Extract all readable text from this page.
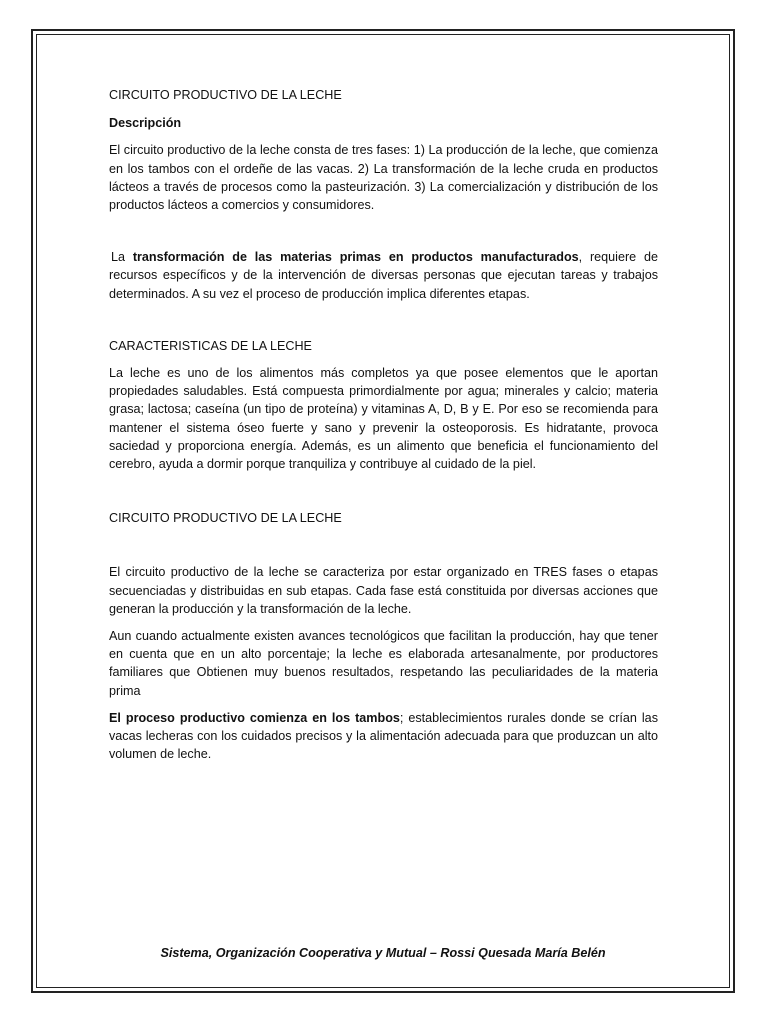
CIRCUITO PRODUCTIVO DE LA LECHE

Descripción

El circuito productivo de la leche consta de tres fases: 1) La producción de la leche, que comienza en los tambos con el ordeñe de las vacas. 2) La transformación de la leche cruda en productos lácteos a través de procesos como la pasteurización. 3) La comercialización y distribución de los productos lácteos a comercios y consumidores.

La transformación de las materias primas en productos manufacturados, requiere de recursos específicos y de la intervención de diversas personas que ejecutan tareas y trabajos determinados. A su vez el proceso de producción implica diferentes etapas.

CARACTERISTICAS DE LA LECHE

La leche es uno de los alimentos más completos ya que posee elementos que le aportan propiedades saludables. Está compuesta primordialmente por agua; minerales y calcio; materia grasa; lactosa; caseína (un tipo de proteína) y vitaminas A, D, B y E. Por eso se recomienda para mantener el sistema óseo fuerte y sano y prevenir la osteoporosis. Es hidratante, provoca saciedad y proporciona energía. Además, es un alimento que beneficia el funcionamiento del cerebro, ayuda a dormir porque tranquiliza y contribuye al cuidado de la piel.

CIRCUITO PRODUCTIVO DE LA LECHE

El circuito productivo de la leche se caracteriza por estar organizado en TRES fases o etapas secuenciadas y distribuidas en sub etapas. Cada fase está constituida por diversas acciones que generan la producción y la transformación de la leche.

Aun cuando actualmente existen avances tecnológicos que facilitan la producción, hay que tener en cuenta que en un alto porcentaje; la leche es elaborada artesanalmente, por productores familiares que Obtienen muy buenos resultados, respetando las peculiaridades de la materia prima

El proceso productivo comienza en los tambos; establecimientos rurales donde se crían las vacas lecheras con los cuidados precisos y la alimentación adecuada para que produzcan un alto volumen de leche.

Sistema, Organización Cooperativa y Mutual – Rossi Quesada María Belén
